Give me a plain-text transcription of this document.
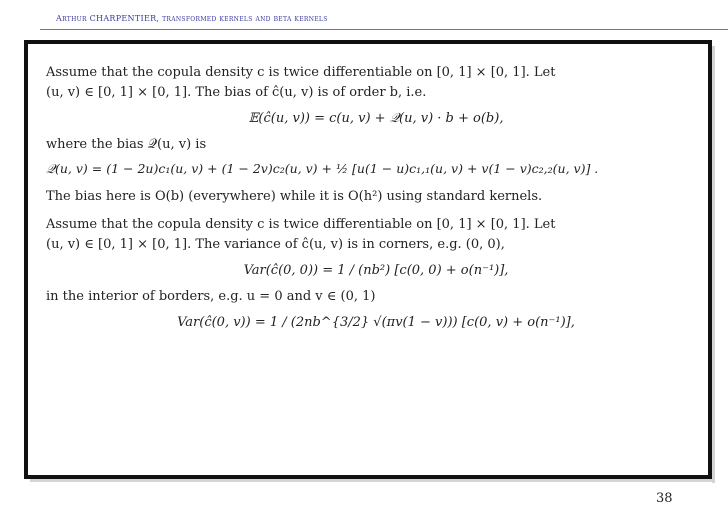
Arthur CHARPENTIER, transformed kernels and beta kernels

Assume that the copula density c is twice differentiable on [0, 1] × [0, 1]. Let

(u, v) ∈ [0, 1] × [0, 1]. The bias of ĉ(u, v) is of order b, i.e.

𝔼(ĉ(u, v)) = c(u, v) + 𝒬(u, v) · b + o(b),

where the bias 𝒬(u, v) is

𝒬(u, v) = (1 − 2u)c₁(u, v) + (1 − 2v)c₂(u, v) + ½ [u(1 − u)c₁,₁(u, v) + v(1 − v)c₂,₂(u, v)] .

The bias here is O(b) (everywhere) while it is O(h²) using standard kernels.

Assume that the copula density c is twice differentiable on [0, 1] × [0, 1]. Let

(u, v) ∈ [0, 1] × [0, 1]. The variance of ĉ(u, v) is in corners, e.g. (0, 0),

Var(ĉ(0, 0)) = 1 / (nb²) [c(0, 0) + o(n⁻¹)],

in the interior of borders, e.g. u = 0 and v ∈ (0, 1)

Var(ĉ(0, v)) = 1 / (2nb^{3/2} √(πv(1 − v))) [c(0, v) + o(n⁻¹)],
38
